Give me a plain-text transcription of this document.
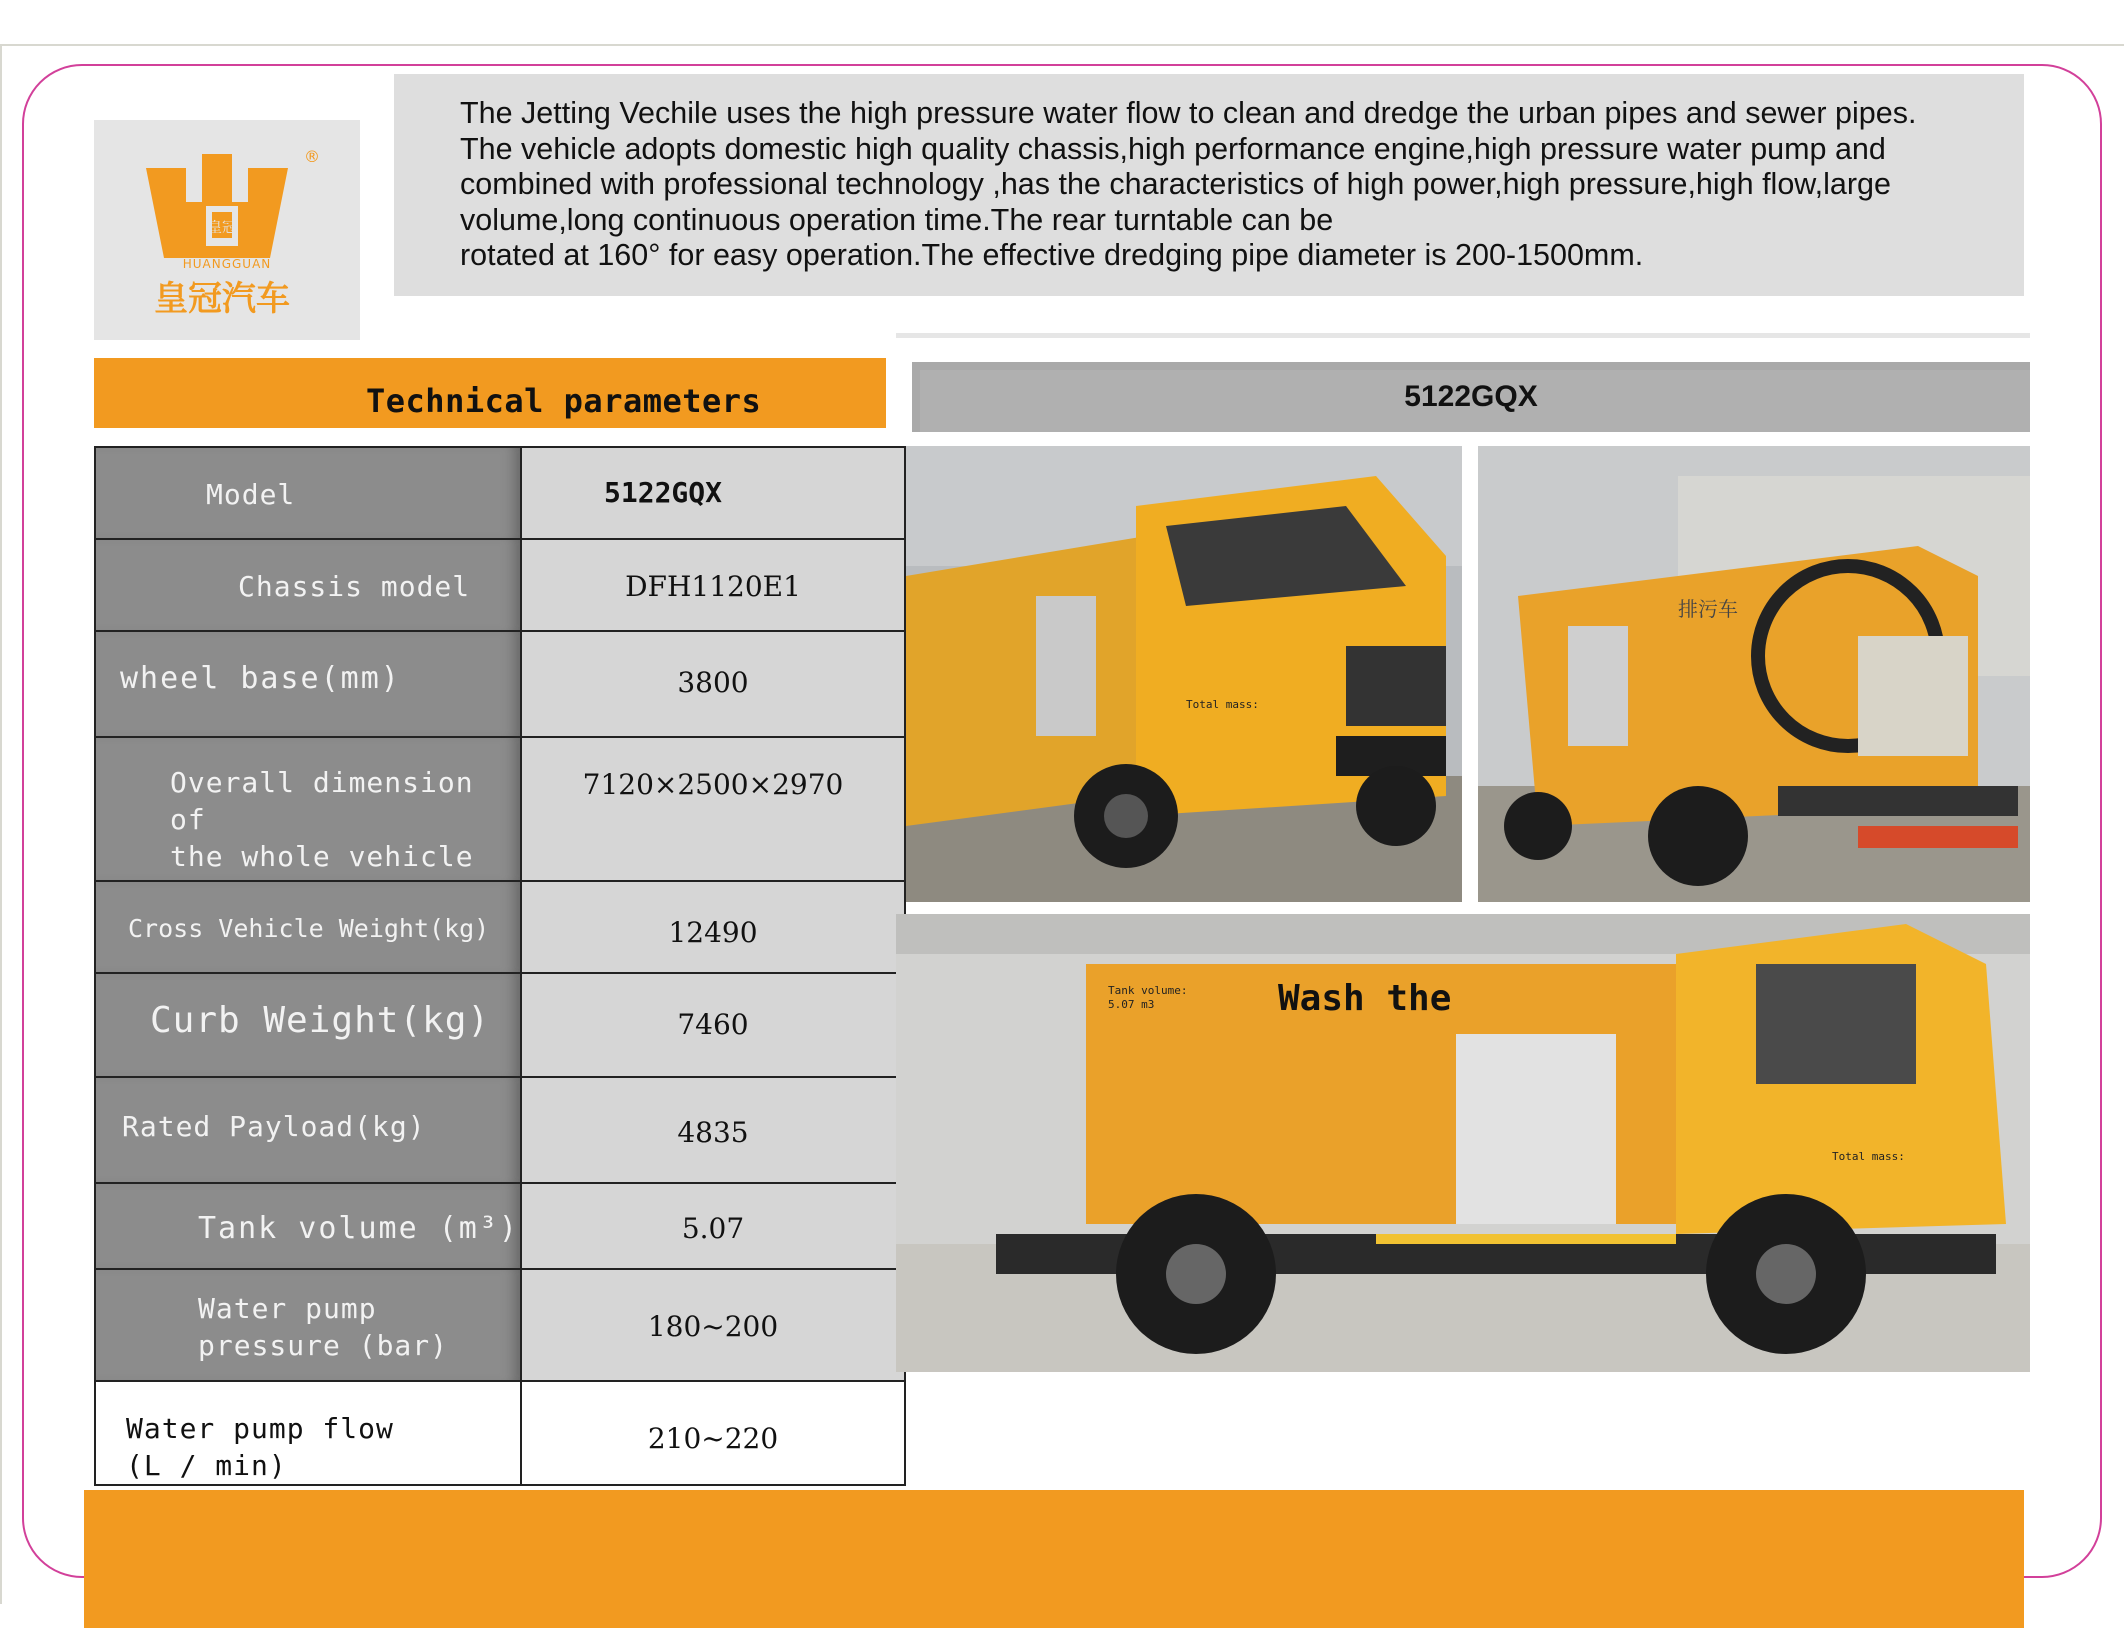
皇冠
®
HUANGGUAN
皇冠汽车

The Jetting Vechile uses the high pressure water flow to clean and dredge the urban pipes and sewer pipes.

The vehicle adopts domestic high quality chassis,high performance engine,high pressure water pump and

combined with professional technology ,has the characteristics of high power,high pressure,high flow,large

volume,long continuous operation time.The rear turntable can be

rotated at 160° for easy operation.The effective dredging pipe diameter is 200-1500mm.

Technical parameters	5122GQX
Model	5122GQX

Chassis model	DFH1120E1

wheel base(mm)	3800

Overall dimension of
the whole vehicle	7120×2500×2970

Cross Vehicle Weight(kg)	12490

Curb Weight(kg)	7460

Rated Payload(kg)	4835

Tank volume (m³)	5.07

Water pump
pressure (bar)	180~200

Water pump flow
(L / min)	210~220
Total mass:
排污车
Tank volume:
5.07 m3	Wash the
Total mass:
